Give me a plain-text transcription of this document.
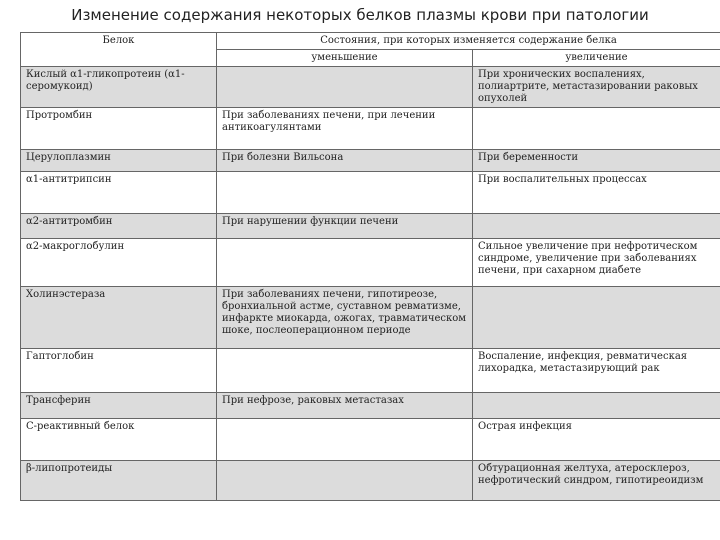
Изменение содержания некоторых белков плазмы крови при патологии
Белок	Состояния, при которых изменяется содержание белка	
	уменьшение	увеличение
Кислый α1-гликопротеин (α1-серомукоид)		При хронических воспалениях, полиартрите, метастазировании раковых опухолей
Протромбин	При заболеваниях печени, при лечении антикоагулянтами	
Церулоплазмин	При болезни Вильсона	При беременности
α1-антитрипсин		При воспалительных процессах
α2-антитромбин	При нарушении функции печени	
α2-макроглобулин		Сильное увеличение при нефротическом синдроме, увеличение при заболеваниях печени, при сахарном диабете
Холинэстераза	При заболеваниях печени, гипотиреозе, бронхиальной астме, суставном ревматизме, инфаркте миокарда, ожогах, травматическом шоке, послеоперационном периоде	
Гаптоглобин		Воспаление, инфекция, ревматическая лихорадка, метастазирующий рак
Трансферин	При нефрозе, раковых метастазах	
С-реактивный белок		Острая инфекция
β-липопротеиды		Обтурационная желтуха, атеросклероз, нефротический синдром, гипотиреоидизм
